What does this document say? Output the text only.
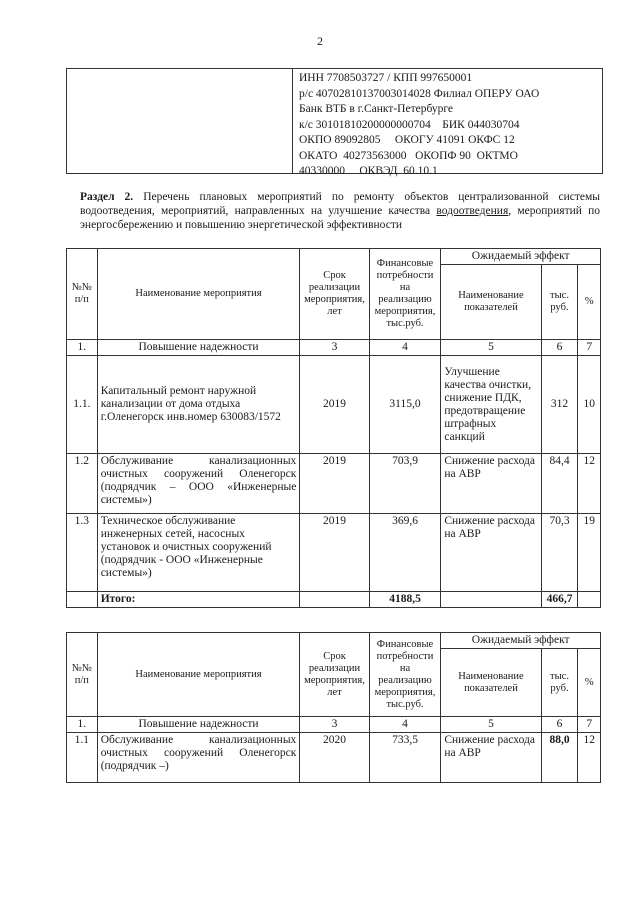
2
ИНН 7708503727 / КПП 997650001
р/с 40702810137003014028 Филиал ОПЕРУ ОАО
Банк ВТБ в г.Санкт-Петербурге
к/с 30101810200000000704    БИК 044030704
ОКПО 89092805     ОКОГУ 41091 ОКФС 12
ОКАТО  40273563000   ОКОПФ 90  ОКТМО
40330000     ОКВЭД  60.10.1
Раздел 2. Перечень плановых мероприятий по ремонту объектов централизованной системы водоотведения, мероприятий, направленных на улучшение качества водоотведения, мероприятий по энергосбережению и повышению энергетической эффективности
№№ п/п	Наименование мероприятия	Срок реализации мероприятия, лет	Финансовые потребности на реализацию мероприятия, тыс.руб.	Ожидаемый эффект		
				Наименование показателей	тыс. руб.	%
1.	Повышение надежности	3	4	5	6	7
1.1.	Капитальный ремонт наружной канализации от дома отдыха г.Оленегорск инв.номер 630083/1572	2019	3115,0	Улучшение качества очистки, снижение ПДК, предотвращение штрафных санкций	312	10
1.2	Обслуживание канализационных очистных сооружений Оленегорск (подрядчик – ООО «Инженерные системы»)	2019	703,9	Снижение расхода на АВР	84,4	12
1.3	Техническое обслуживание инженерных сетей, насосных установок и очистных сооружений (подрядчик - ООО «Инженерные системы»)	2019	369,6	Снижение расхода на АВР	70,3	19
	Итого:		4188,5		466,7	
№№ п/п	Наименование мероприятия	Срок реализации мероприятия, лет	Финансовые потребности на реализацию мероприятия, тыс.руб.	Ожидаемый эффект		
				Наименование показателей	тыс. руб.	%
1.	Повышение надежности	3	4	5	6	7
1.1	Обслуживание канализационных очистных сооружений Оленегорск (подрядчик –)	2020	733,5	Снижение расхода на АВР	88,0	12
